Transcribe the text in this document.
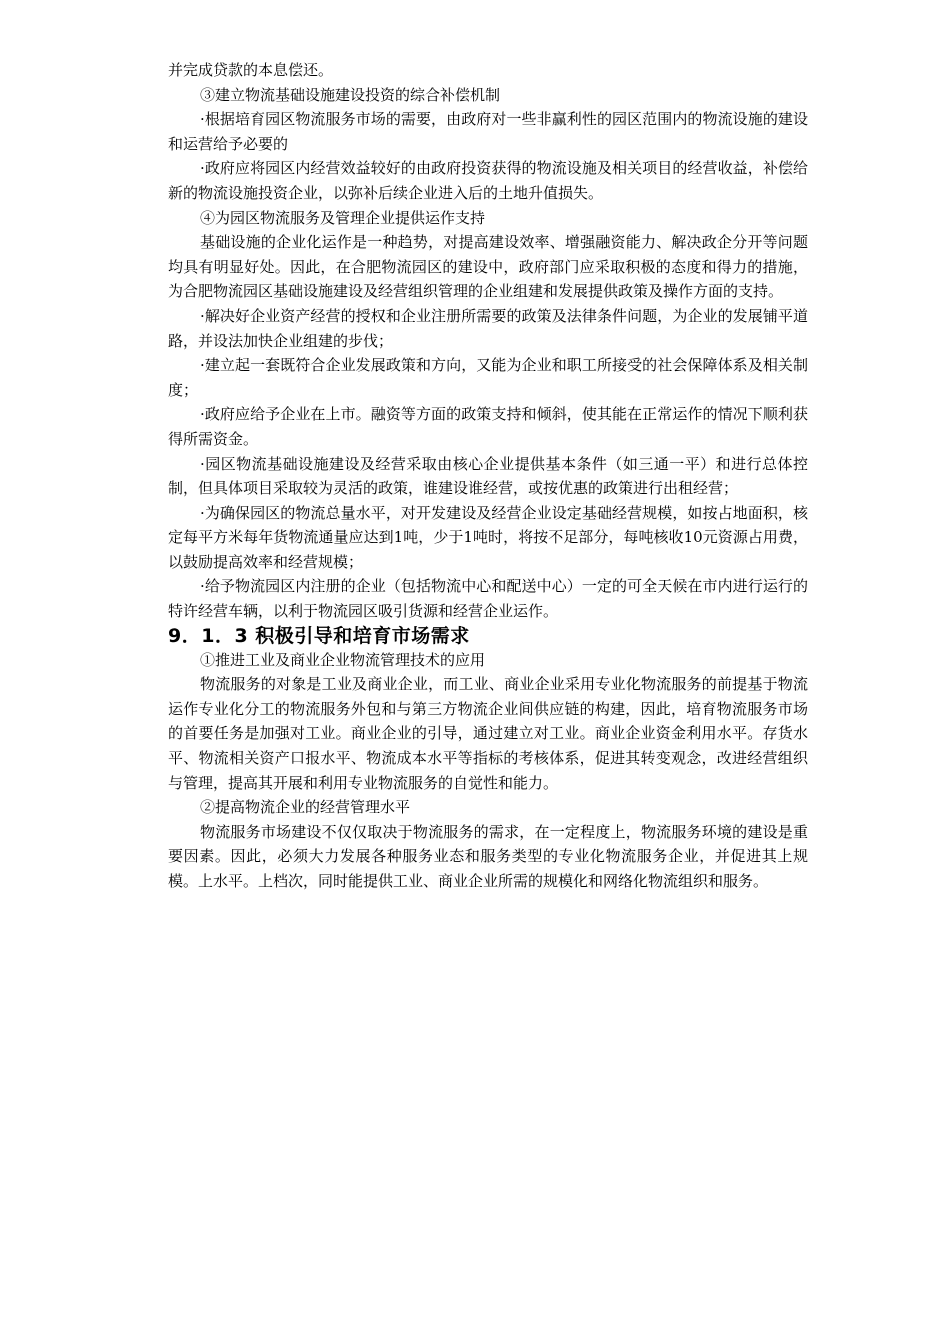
并完成贷款的本息偿还。

③建立物流基础设施建设投资的综合补偿机制

·根据培育园区物流服务市场的需要，由政府对一些非赢利性的园区范围内的物流设施的建设和运营给予必要的

·政府应将园区内经营效益较好的由政府投资获得的物流设施及相关项目的经营收益，补偿给新的物流设施投资企业，以弥补后续企业进入后的土地升值损失。

④为园区物流服务及管理企业提供运作支持

基础设施的企业化运作是一种趋势，对提高建设效率、增强融资能力、解决政企分开等问题均具有明显好处。因此，在合肥物流园区的建设中，政府部门应采取积极的态度和得力的措施，为合肥物流园区基础设施建设及经营组织管理的企业组建和发展提供政策及操作方面的支持。

·解决好企业资产经营的授权和企业注册所需要的政策及法律条件问题，为企业的发展铺平道路，并设法加快企业组建的步伐；

·建立起一套既符合企业发展政策和方向，又能为企业和职工所接受的社会保障体系及相关制度；

·政府应给予企业在上市。融资等方面的政策支持和倾斜，使其能在正常运作的情况下顺利获得所需资金。

·园区物流基础设施建设及经营采取由核心企业提供基本条件（如三通一平）和进行总体控制，但具体项目采取较为灵活的政策，谁建设谁经营，或按优惠的政策进行出租经营；

·为确保园区的物流总量水平，对开发建设及经营企业设定基础经营规模，如按占地面积，核定每平方米每年货物流通量应达到1吨，少于1吨时，将按不足部分，每吨核收10元资源占用费，以鼓励提高效率和经营规模；

·给予物流园区内注册的企业（包括物流中心和配送中心）一定的可全天候在市内进行运行的特许经营车辆，以利于物流园区吸引货源和经营企业运作。

9．1．3 积极引导和培育市场需求

①推进工业及商业企业物流管理技术的应用

物流服务的对象是工业及商业企业，而工业、商业企业采用专业化物流服务的前提基于物流运作专业化分工的物流服务外包和与第三方物流企业间供应链的构建，因此，培育物流服务市场的首要任务是加强对工业。商业企业的引导，通过建立对工业。商业企业资金利用水平。存货水平、物流相关资产口报水平、物流成本水平等指标的考核体系，促进其转变观念，改进经营组织与管理，提高其开展和利用专业物流服务的自觉性和能力。

②提高物流企业的经营管理水平

物流服务市场建设不仅仅取决于物流服务的需求，在一定程度上，物流服务环境的建设是重要因素。因此，必须大力发展各种服务业态和服务类型的专业化物流服务企业，并促进其上规模。上水平。上档次，同时能提供工业、商业企业所需的规模化和网络化物流组织和服务。
